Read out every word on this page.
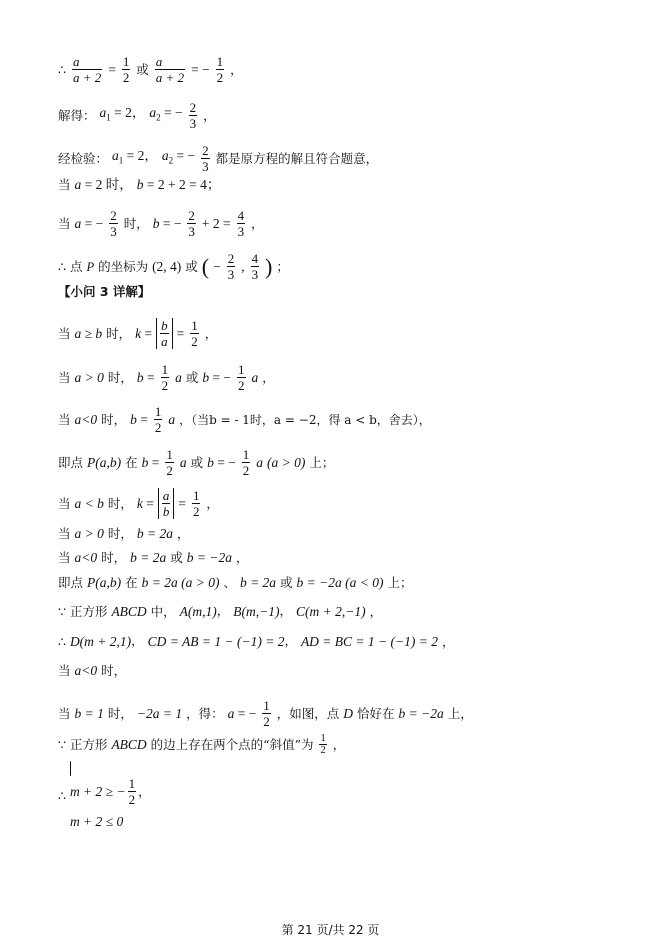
∴ $\frac{a}{a + 2} = \frac{1}{2}$ 或 $\frac{a}{a + 2}$ = − $\frac{1}{2}$ ，
解得： $a_1 = 2$， $a_2$ = − $\frac{2}{3}$ ，
经检验： $a_1 = 2$， $a_2$ = − $\frac{2}{3}$ 都是原方程的解且符合题意，
当 a = 2 时， b = 2 + 2 = 4；
当 a = − $\frac{2}{3}$ 时， b = − $\frac{2}{3} + 2 = \frac{4}{3}$ ，
∴ 点 P 的坐标为 (2, 4) 或 ( − $\frac{2}{3}$ , $\frac{4}{3}$ ) ；
【小问 3 详解】
当 a ≥ b 时， $k = \frac{b}{a} = \frac{1}{2}$ ，
当 a > 0 时， $b = \frac{1}{2}$ a 或 b = − $\frac{1}{2}$ a ，
当 a<0 时， $b = \frac{1}{2}$ a ，（当b = - 1时，a = −2，得 a < b，舍去），
即点 P(a,b) 在 $b = \frac{1}{2}$ a 或 b = − $\frac{1}{2}$ a (a > 0) 上；
当 a < b 时， $k = \frac{a}{b} = \frac{1}{2}$ ，
当 a > 0 时， b = 2a ，
当 a<0 时， b = 2a 或 b = −2a ，
即点 P(a,b) 在 b = 2a (a > 0) 、 b = 2a 或 b = −2a (a < 0) 上；
∵ 正方形 ABCD 中， A(m,1)， B(m,−1)， C(m + 2,−1) ，
∴ D(m + 2,1)， CD = AB = 1 − (−1) = 2， AD = BC = 1 − (−1) = 2 ，
当 a<0 时，
当 b = 1 时， −2a = 1 ，得： a = − $\frac{1}{2}$ ，如图，点 D 恰好在 b = −2a 上，
∵ 正方形 ABCD 的边上存在两个点的“斜值”为 $\frac{1}{2}$ ，
∴ m + 2 ≥ − $\frac{1}{2}$ ，
m + 2 ≤ 0
第 21 页/共 22 页
